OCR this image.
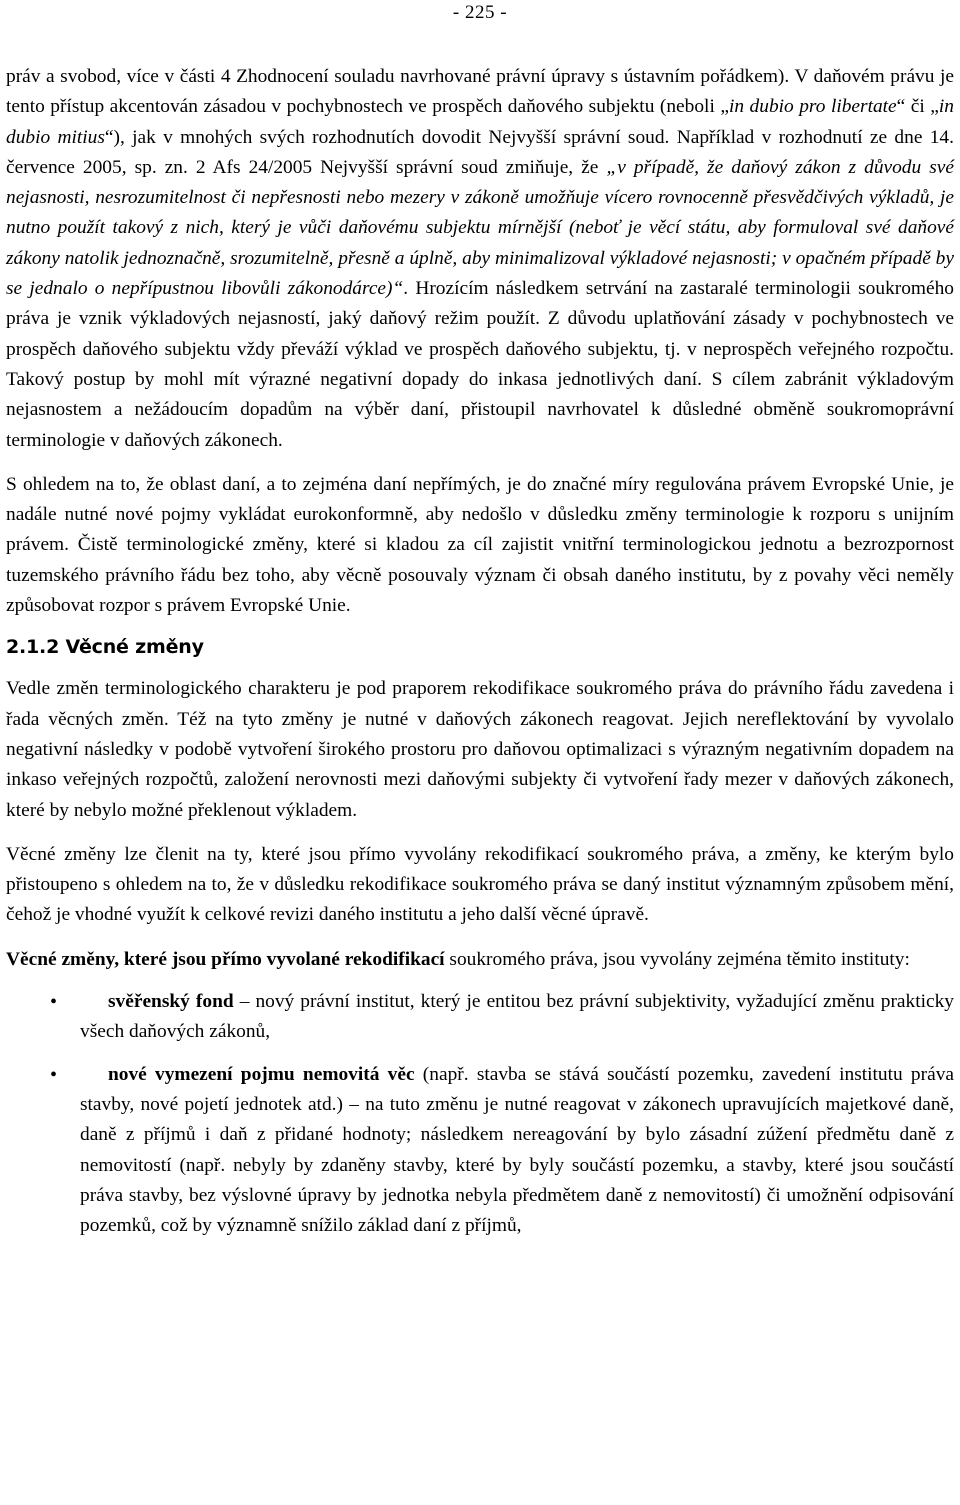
- 225 -

práv a svobod, více v části 4 Zhodnocení souladu navrhované právní úpravy s ústavním pořádkem). V daňovém právu je tento přístup akcentován zásadou v pochybnostech ve prospěch daňového subjektu (neboli „in dubio pro libertate“ či „in dubio mitius“), jak v mnohých svých rozhodnutích dovodit Nejvyšší správní soud. Například v rozhodnutí ze dne 14. července 2005, sp. zn. 2 Afs 24/2005 Nejvyšší správní soud zmiňuje, že „v případě, že daňový zákon z důvodu své nejasnosti, nesrozumitelnost či nepřesnosti nebo mezery v zákoně umožňuje vícero rovnocenně přesvědčivých výkladů, je nutno použít takový z nich, který je vůči daňovému subjektu mírnější (neboť je věcí státu, aby formuloval své daňové zákony natolik jednoznačně, srozumitelně, přesně a úplně, aby minimalizoval výkladové nejasnosti; v opačném případě by se jednalo o nepřípustnou libovůli zákonodárce)“. Hrozícím následkem setrvání na zastaralé terminologii soukromého práva je vznik výkladových nejasností, jaký daňový režim použít. Z důvodu uplatňování zásady v pochybnostech ve prospěch daňového subjektu vždy převáží výklad ve prospěch daňového subjektu, tj. v neprospěch veřejného rozpočtu. Takový postup by mohl mít výrazné negativní dopady do inkasa jednotlivých daní. S cílem zabránit výkladovým nejasnostem a nežádoucím dopadům na výběr daní, přistoupil navrhovatel k důsledné obměně soukromoprávní terminologie v daňových zákonech.

S ohledem na to, že oblast daní, a to zejména daní nepřímých, je do značné míry regulována právem Evropské Unie, je nadále nutné nové pojmy vykládat eurokonformně, aby nedošlo v důsledku změny terminologie k rozporu s unijním právem. Čistě terminologické změny, které si kladou za cíl zajistit vnitřní terminologickou jednotu a bezrozpornost tuzemského právního řádu bez toho, aby věcně posouvaly význam či obsah daného institutu, by z povahy věci neměly způsobovat rozpor s právem Evropské Unie.

2.1.2 Věcné změny

Vedle změn terminologického charakteru je pod praporem rekodifikace soukromého práva do právního řádu zavedena i řada věcných změn. Též na tyto změny je nutné v daňových zákonech reagovat. Jejich nereflektování by vyvolalo negativní následky v podobě vytvoření širokého prostoru pro daňovou optimalizaci s výrazným negativním dopadem na inkaso veřejných rozpočtů, založení nerovnosti mezi daňovými subjekty či vytvoření řady mezer v daňových zákonech, které by nebylo možné překlenout výkladem.

Věcné změny lze členit na ty, které jsou přímo vyvolány rekodifikací soukromého práva, a změny, ke kterým bylo přistoupeno s ohledem na to, že v důsledku rekodifikace soukromého práva se daný institut významným způsobem mění, čehož je vhodné využít k celkové revizi daného institutu a jeho další věcné úpravě.

Věcné změny, které jsou přímo vyvolané rekodifikací soukromého práva, jsou vyvolány zejména těmito instituty:

•	svěřenský fond – nový právní institut, který je entitou bez právní subjektivity, vyžadující změnu prakticky všech daňových zákonů,
•	nové vymezení pojmu nemovitá věc (např. stavba se stává součástí pozemku, zavedení institutu práva stavby, nové pojetí jednotek atd.) – na tuto změnu je nutné reagovat v zákonech upravujících majetkové daně, daně z příjmů i daň z přidané hodnoty; následkem nereagování by bylo zásadní zúžení předmětu daně z nemovitostí (např. nebyly by zdaněny stavby, které by byly součástí pozemku, a stavby, které jsou součástí práva stavby, bez výslovné úpravy by jednotka nebyla předmětem daně z nemovitostí) či umožnění odpisování pozemků, což by významně snížilo základ daní z příjmů,
